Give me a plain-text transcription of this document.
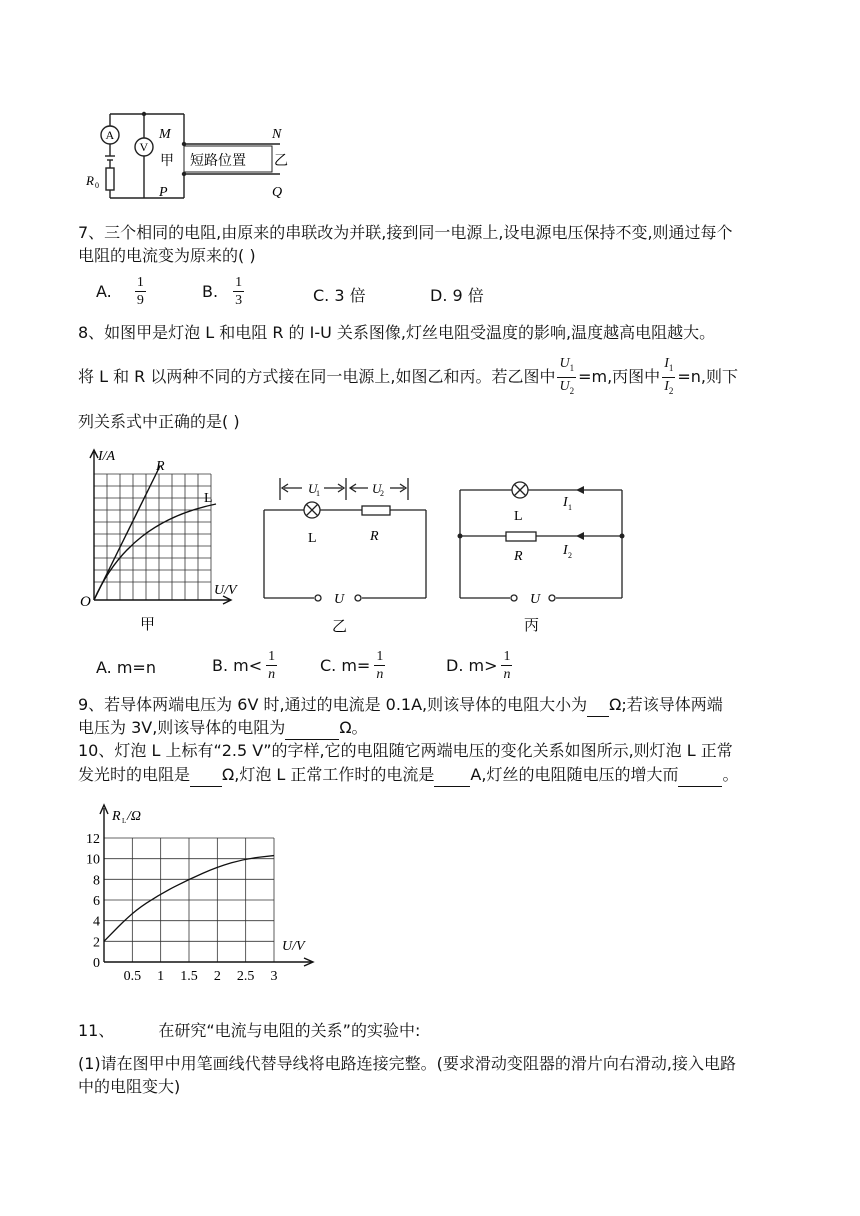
A
V
R 0
M	N
P	Q
甲	乙
短路位置
7、三个相同的电阻,由原来的串联改为并联,接到同一电源上,设电源电压保持不变,则通过每个
电阻的电流变为原来的( )
A. $\frac{1}{9}$	B. $\frac{1}{3}$	C. 3 倍	D. 9 倍
8、如图甲是灯泡 L 和电阻 R 的 I-U 关系图像,灯丝电阻受温度的影响,温度越高电阻越大。
将 L 和 R 以两种不同的方式接在同一电源上,如图乙和丙。若乙图中 $\frac{U_1}{U_2} =m$,丙图中 $\frac{I_1}{I_2} =n$,则下
列关系式中正确的是( )
I/A
U/V
O
R
L
甲
U
1	U
2
L	R
U
乙
I 1
I 2
L
R
U
丙
A. m=n	B. $m< \frac{1}{n}$	C. $m= \frac{1}{n}$	D. $m> \frac{1}{n}$
9、若导体两端电压为 6V 时,通过的电流是 0.1A,则该导体的电阻大小为 Ω;若该导体两端
电压为 3V,则该导体的电阻为	Ω。
10、灯泡 L 上标有“2.5 V”的字样,它的电阻随它两端电压的变化关系如图所示,则灯泡 L 正常
发光时的电阻是 Ω,灯泡 L 正常工作时的电流是 A,灯丝的电阻随电压的增大而	。
0.5 1 1.5 2 2.5 3
0
2
4
6
8
10
12
R L /Ω
U/V
11、	在研究“电流与电阻的关系”的实验中:
(1)请在图甲中用笔画线代替导线将电路连接完整。(要求滑动变阻器的滑片向右滑动,接入电路
中的电阻变大)
